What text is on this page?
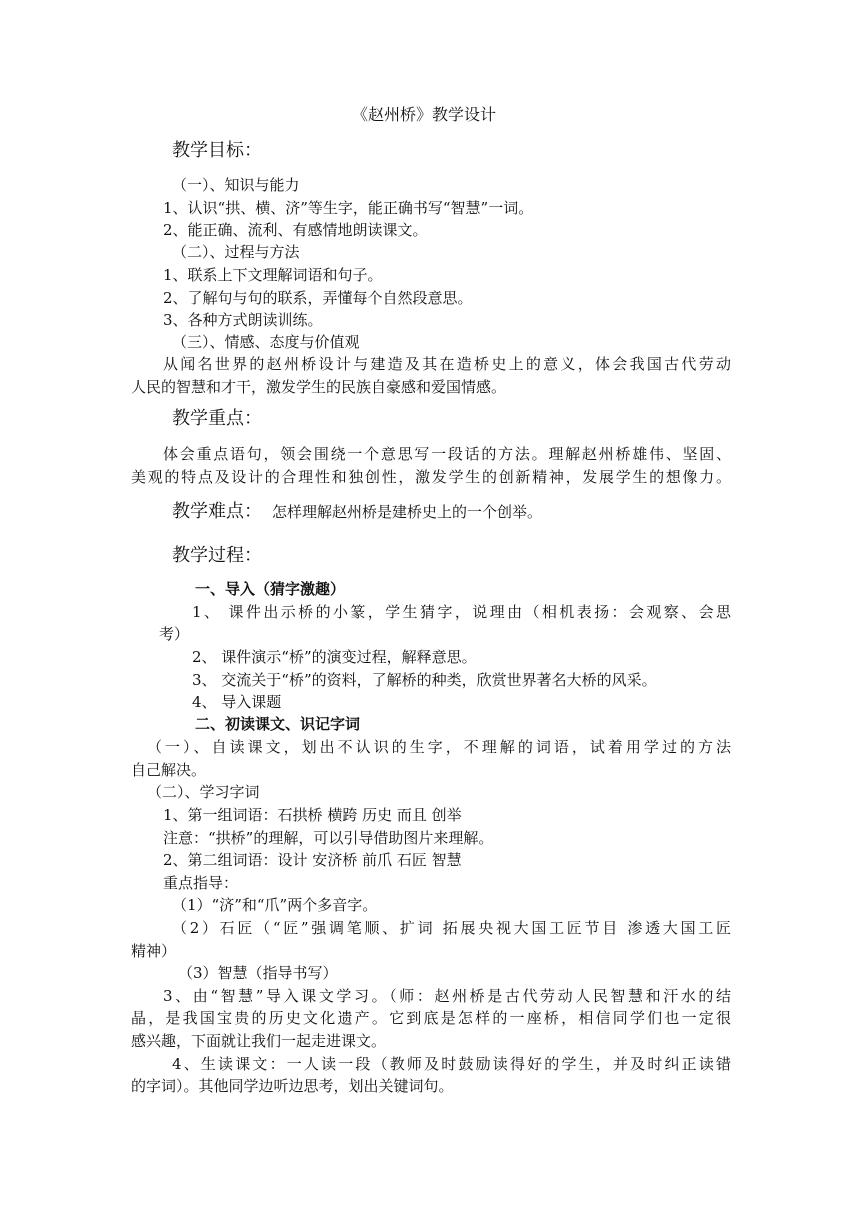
《赵州桥》教学设计
教学目标：
（一）、知识与能力
1、认识“拱、横、济”等生字，能正确书写“智慧”一词。
2、能正确、流利、有感情地朗读课文。
（二）、过程与方法
1、联系上下文理解词语和句子。
2、了解句与句的联系，弄懂每个自然段意思。
3、各种方式朗读训练。
（三）、情感、态度与价值观
从闻名世界的赵州桥设计与建造及其在造桥史上的意义，体会我国古代劳动
人民的智慧和才干，激发学生的民族自豪感和爱国情感。
教学重点：
体会重点语句，领会围绕一个意思写一段话的方法。理解赵州桥雄伟、坚固、
美观的特点及设计的合理性和独创性，激发学生的创新精神，发展学生的想像力。
教学难点： 怎样理解赵州桥是建桥史上的一个创举。
教学过程：
一、导入（猜字激趣）
1、 课件出示桥的小篆，学生猜字，说理由（相机表扬：会观察、会思
考）
2、 课件演示“桥”的演变过程，解释意思。
3、 交流关于“桥”的资料，了解桥的种类，欣赏世界著名大桥的风采。
4、 导入课题
二、初读课文、识记字词
（一）、自读课文，划出不认识的生字，不理解的词语，试着用学过的方法
自己解决。
（二）、学习字词
1、第一组词语：石拱桥 横跨 历史 而且 创举
注意：“拱桥”的理解，可以引导借助图片来理解。
2、第二组词语：设计 安济桥 前爪 石匠 智慧
重点指导：
（1）“济”和“爪”两个多音字。
（2）石匠（“匠”强调笔顺、扩词 拓展央视大国工匠节目 渗透大国工匠
精神）
（3）智慧（指导书写）
3、由“智慧”导入课文学习。（师：赵州桥是古代劳动人民智慧和汗水的结
晶，是我国宝贵的历史文化遗产。它到底是怎样的一座桥，相信同学们也一定很
感兴趣，下面就让我们一起走进课文。
4、生读课文：一人读一段（教师及时鼓励读得好的学生，并及时纠正读错
的字词）。其他同学边听边思考，划出关键词句。
